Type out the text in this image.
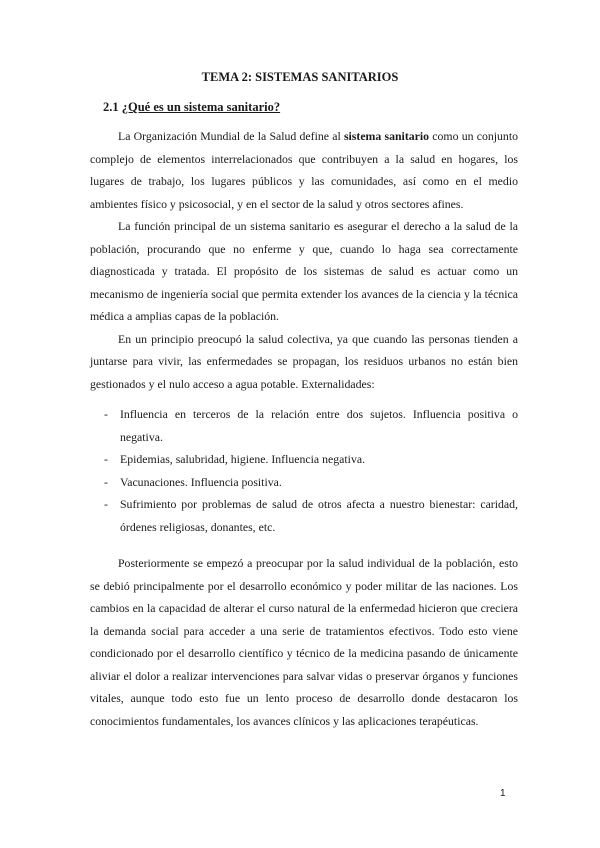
TEMA 2: SISTEMAS SANITARIOS
2.1 ¿Qué es un sistema sanitario?

La Organización Mundial de la Salud define al sistema sanitario como un conjunto complejo de elementos interrelacionados que contribuyen a la salud en hogares, los lugares de trabajo, los lugares públicos y las comunidades, así como en el medio ambientes físico y psicosocial, y en el sector de la salud y otros sectores afines.

La función principal de un sistema sanitario es asegurar el derecho a la salud de la población, procurando que no enferme y que, cuando lo haga sea correctamente diagnosticada y tratada. El propósito de los sistemas de salud es actuar como un mecanismo de ingeniería social que permita extender los avances de la ciencia y la técnica médica a amplias capas de la población.

En un principio preocupó la salud colectiva, ya que cuando las personas tienden a juntarse para vivir, las enfermedades se propagan, los residuos urbanos no están bien gestionados y el nulo acceso a agua potable. Externalidades:

- Influencia en terceros de la relación entre dos sujetos. Influencia positiva o negativa.
- Epidemias, salubridad, higiene. Influencia negativa.
- Vacunaciones. Influencia positiva.
- Sufrimiento por problemas de salud de otros afecta a nuestro bienestar: caridad, órdenes religiosas, donantes, etc.

Posteriormente se empezó a preocupar por la salud individual de la población, esto se debió principalmente por el desarrollo económico y poder militar de las naciones. Los cambios en la capacidad de alterar el curso natural de la enfermedad hicieron que creciera la demanda social para acceder a una serie de tratamientos efectivos. Todo esto viene condicionado por el desarrollo científico y técnico de la medicina pasando de únicamente aliviar el dolor a realizar intervenciones para salvar vidas o preservar órganos y funciones vitales, aunque todo esto fue un lento proceso de desarrollo donde destacaron los conocimientos fundamentales, los avances clínicos y las aplicaciones terapéuticas.

1
